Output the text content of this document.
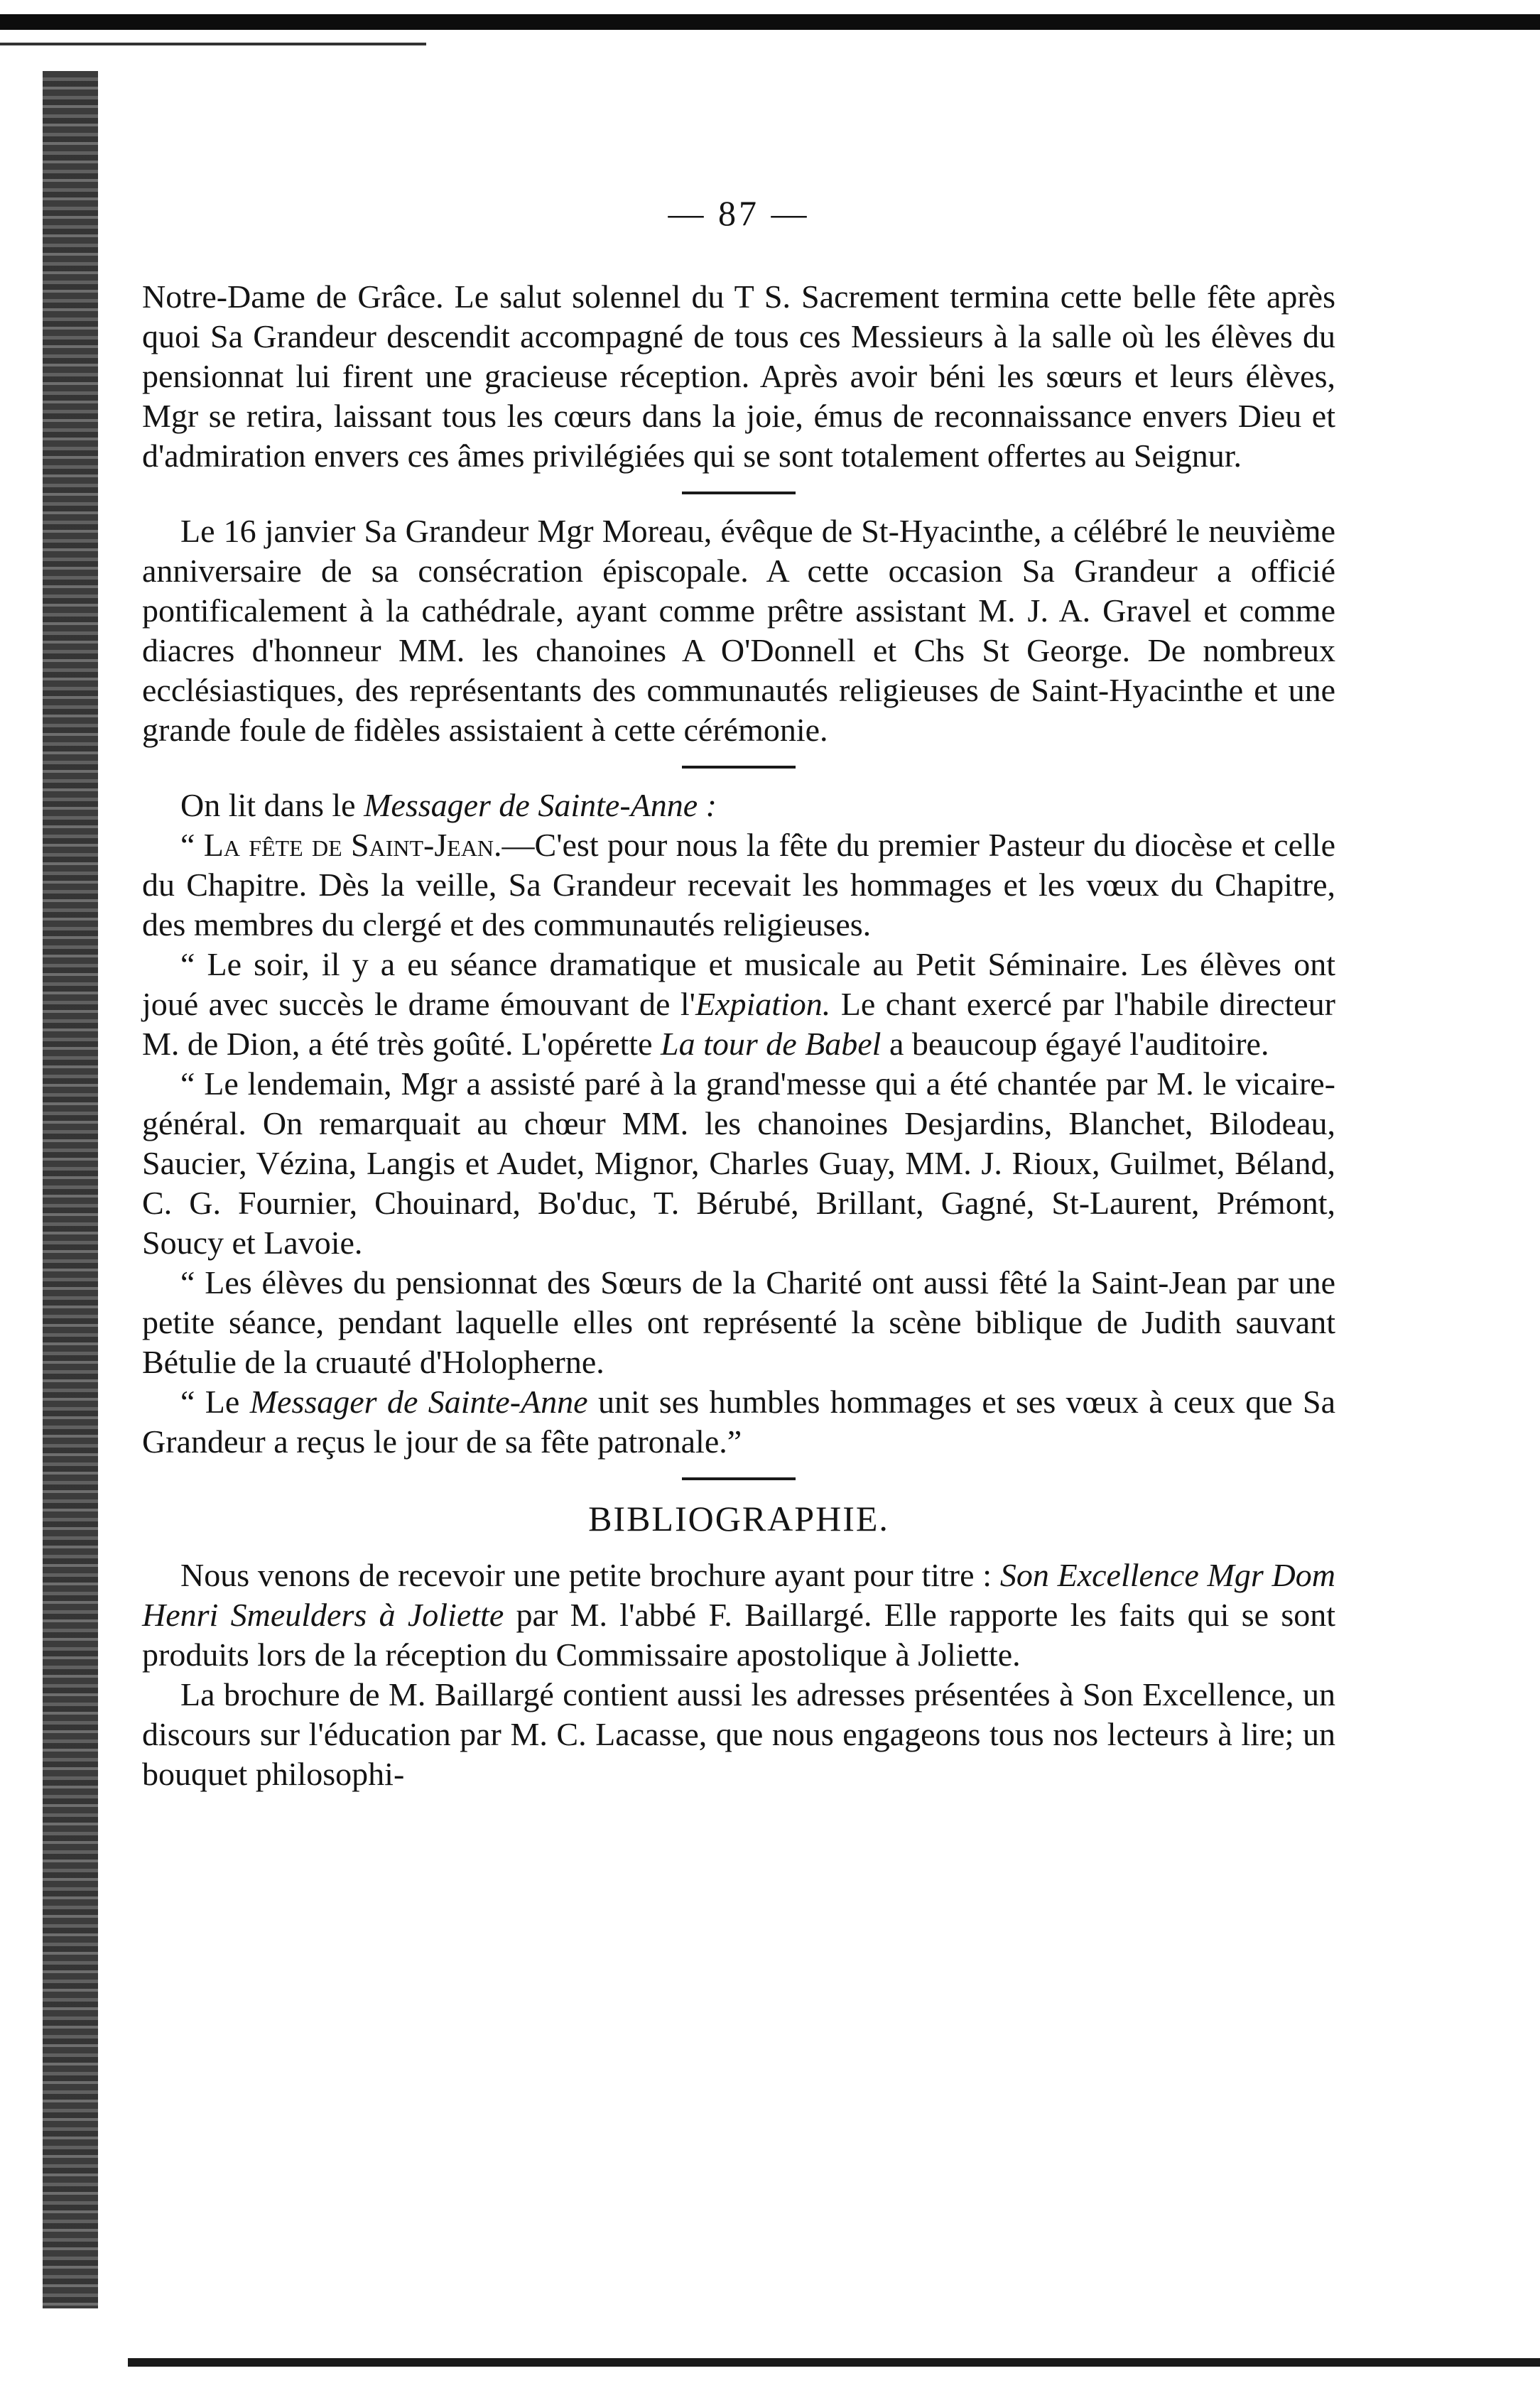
— 87 —

Notre-Dame de Grâce. Le salut solennel du T S. Sacrement termina cette belle fête après quoi Sa Grandeur descendit accompagné de tous ces Messieurs à la salle où les élèves du pensionnat lui firent une gracieuse réception. Après avoir béni les sœurs et leurs élèves, Mgr se retira, laissant tous les cœurs dans la joie, émus de reconnaissance envers Dieu et d'admiration envers ces âmes privilégiées qui se sont totalement offertes au Seignur.

Le 16 janvier Sa Grandeur Mgr Moreau, évêque de St-Hyacinthe, a célébré le neuvième anniversaire de sa consécration épiscopale. A cette occasion Sa Grandeur a officié pontificalement à la cathédrale, ayant comme prêtre assistant M. J. A. Gravel et comme diacres d'honneur MM. les chanoines A O'Donnell et Chs St George. De nombreux ecclésiastiques, des représentants des communautés religieuses de Saint-Hyacinthe et une grande foule de fidèles assistaient à cette cérémonie.

On lit dans le Messager de Sainte-Anne :

“ La fête de Saint-Jean.—C'est pour nous la fête du premier Pasteur du diocèse et celle du Chapitre. Dès la veille, Sa Grandeur recevait les hommages et les vœux du Chapitre, des membres du clergé et des communautés religieuses.

“ Le soir, il y a eu séance dramatique et musicale au Petit Séminaire. Les élèves ont joué avec succès le drame émouvant de l'Expiation. Le chant exercé par l'habile directeur M. de Dion, a été très goûté. L'opérette La tour de Babel a beaucoup égayé l'auditoire.

“ Le lendemain, Mgr a assisté paré à la grand'messe qui a été chantée par M. le vicaire-général. On remarquait au chœur MM. les chanoines Desjardins, Blanchet, Bilodeau, Saucier, Vézina, Langis et Audet, Mignor, Charles Guay, MM. J. Rioux, Guilmet, Béland, C. G. Fournier, Chouinard, Bo'duc, T. Bérubé, Brillant, Gagné, St-Laurent, Prémont, Soucy et Lavoie.

“ Les élèves du pensionnat des Sœurs de la Charité ont aussi fêté la Saint-Jean par une petite séance, pendant laquelle elles ont représenté la scène biblique de Judith sauvant Bétulie de la cruauté d'Holopherne.

“ Le Messager de Sainte-Anne unit ses humbles hommages et ses vœux à ceux que Sa Grandeur a reçus le jour de sa fête patronale.”

BIBLIOGRAPHIE.

Nous venons de recevoir une petite brochure ayant pour titre : Son Excellence Mgr Dom Henri Smeulders à Joliette par M. l'abbé F. Baillargé. Elle rapporte les faits qui se sont produits lors de la réception du Commissaire apostolique à Joliette.

La brochure de M. Baillargé contient aussi les adresses présentées à Son Excellence, un discours sur l'éducation par M. C. Lacasse, que nous engageons tous nos lecteurs à lire; un bouquet philosophi-
